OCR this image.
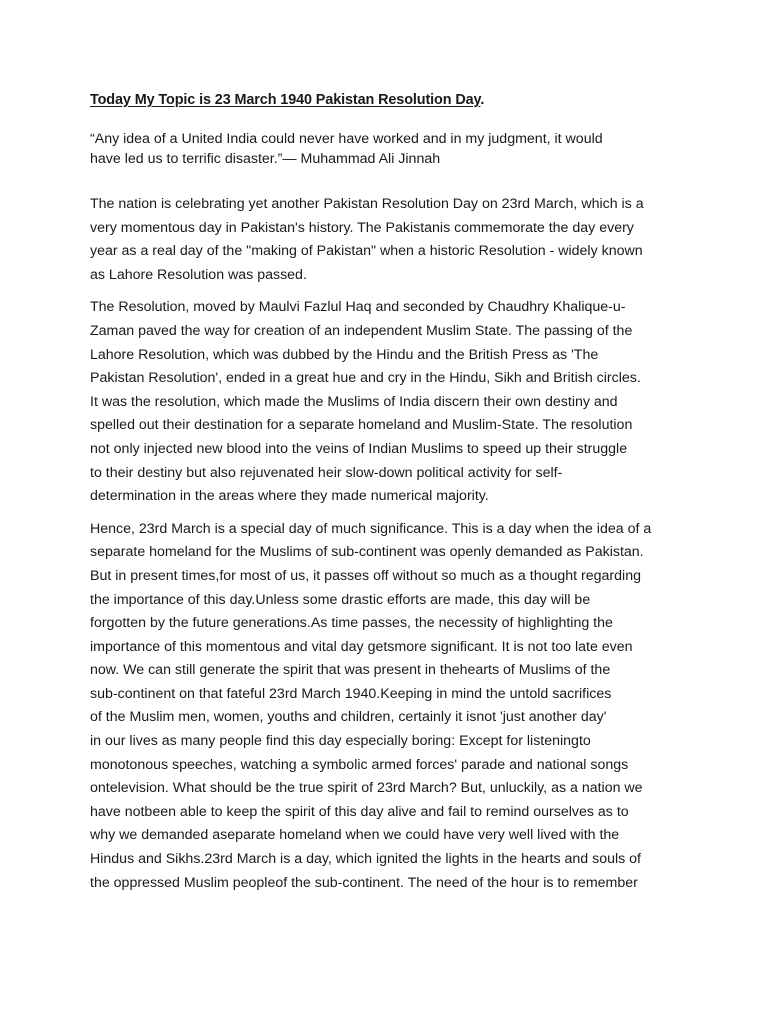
Today My Topic is 23 March 1940 Pakistan Resolution Day.
“Any idea of a United India could never have worked and in my judgment, it would
have led us to terrific disaster.”— Muhammad Ali Jinnah
The nation is celebrating yet another Pakistan Resolution Day on 23rd March, which is a
very momentous day in Pakistan's history. The Pakistanis commemorate the day every
year as a real day of the "making of Pakistan" when a historic Resolution - widely known
as Lahore Resolution was passed.
The Resolution, moved by Maulvi Fazlul Haq and seconded by Chaudhry Khalique-u-
Zaman paved the way for creation of an independent Muslim State. The passing of the
Lahore Resolution, which was dubbed by the Hindu and the British Press as 'The
Pakistan Resolution', ended in a great hue and cry in the Hindu, Sikh and British circles.
It was the resolution, which made the Muslims of India discern their own destiny and
spelled out their destination for a separate homeland and Muslim-State. The resolution
not only injected new blood into the veins of Indian Muslims to speed up their struggle
to their destiny but also rejuvenated heir slow-down political activity for self-
determination in the areas where they made numerical majority.
Hence, 23rd March is a special day of much significance. This is a day when the idea of a
separate homeland for the Muslims of sub-continent was openly demanded as Pakistan.
But in present times,for most of us, it passes off without so much as a thought regarding
the importance of this day.Unless some drastic efforts are made, this day will be
forgotten by the future generations.As time passes, the necessity of highlighting the
importance of this momentous and vital day getsmore significant. It is not too late even
now. We can still generate the spirit that was present in thehearts of Muslims of the
sub-continent on that fateful 23rd March 1940.Keeping in mind the untold sacrifices
of the Muslim men, women, youths and children, certainly it isnot 'just another day'
in our lives as many people find this day especially boring: Except for listeningto
monotonous speeches, watching a symbolic armed forces' parade and national songs
ontelevision. What should be the true spirit of 23rd March? But, unluckily, as a nation we
have notbeen able to keep the spirit of this day alive and fail to remind ourselves as to
why we demanded aseparate homeland when we could have very well lived with the
Hindus and Sikhs.23rd March is a day, which ignited the lights in the hearts and souls of
the oppressed Muslim peopleof the sub-continent. The need of the hour is to remember
